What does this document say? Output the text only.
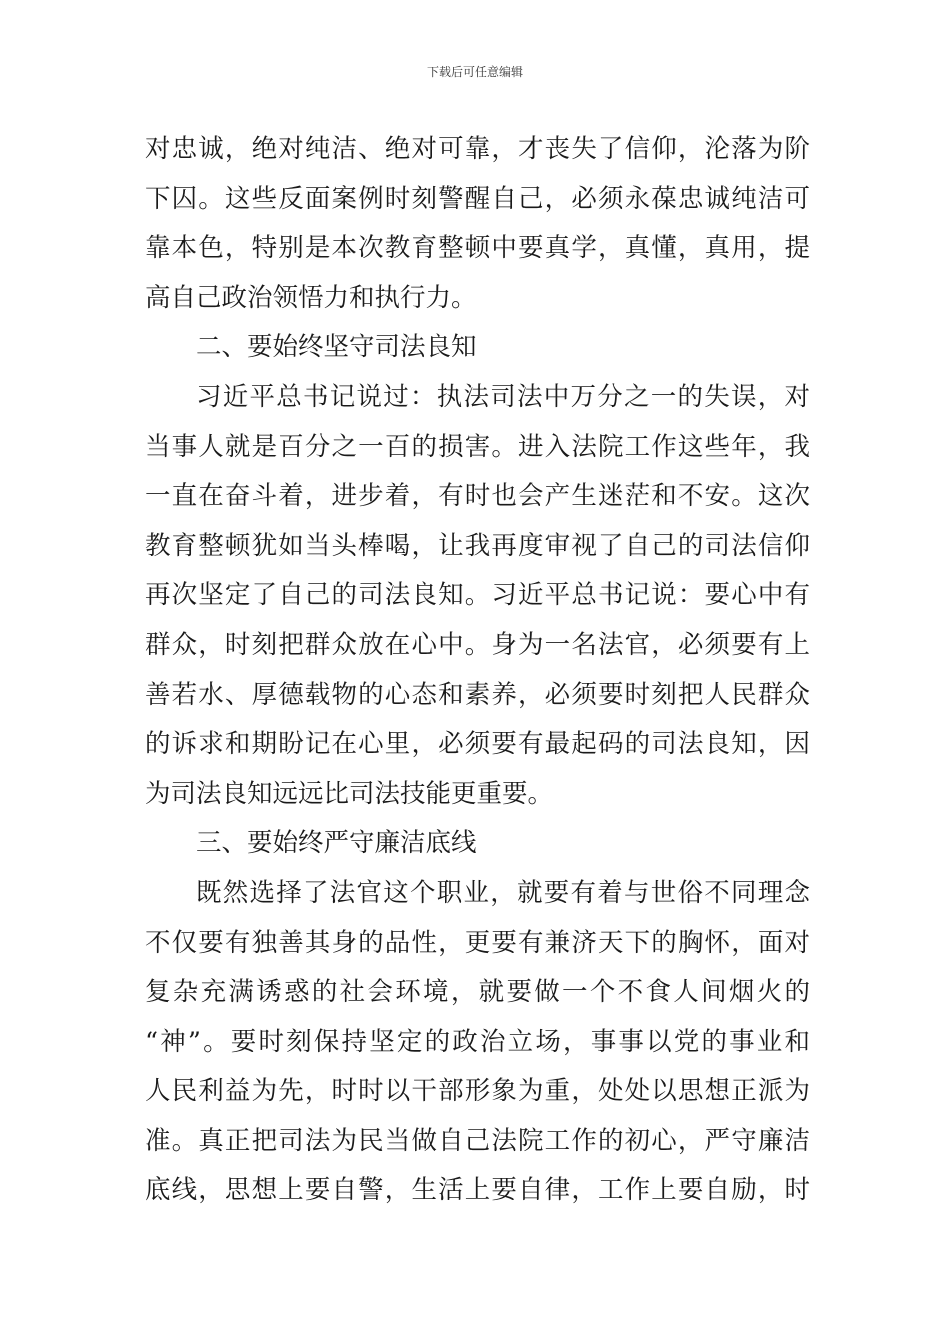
下载后可任意编辑
对忠诚，绝对纯洁、绝对可靠，才丧失了信仰，沦落为阶
下囚。这些反面案例时刻警醒自己，必须永葆忠诚纯洁可
靠本色，特别是本次教育整顿中要真学，真懂，真用，提
高自己政治领悟力和执行力。
二、要始终坚守司法良知
习近平总书记说过：执法司法中万分之一的失误，对
当事人就是百分之一百的损害。进入法院工作这些年，我
一直在奋斗着，进步着，有时也会产生迷茫和不安。这次
教育整顿犹如当头棒喝，让我再度审视了自己的司法信仰
再次坚定了自己的司法良知。习近平总书记说：要心中有
群众，时刻把群众放在心中。身为一名法官，必须要有上
善若水、厚德载物的心态和素养，必须要时刻把人民群众
的诉求和期盼记在心里，必须要有最起码的司法良知，因
为司法良知远远比司法技能更重要。
三、要始终严守廉洁底线
既然选择了法官这个职业，就要有着与世俗不同理念
不仅要有独善其身的品性，更要有兼济天下的胸怀，面对
复杂充满诱惑的社会环境，就要做一个不食人间烟火的
“神”。要时刻保持坚定的政治立场，事事以党的事业和
人民利益为先，时时以干部形象为重，处处以思想正派为
准。真正把司法为民当做自己法院工作的初心，严守廉洁
底线，思想上要自警，生活上要自律，工作上要自励，时
